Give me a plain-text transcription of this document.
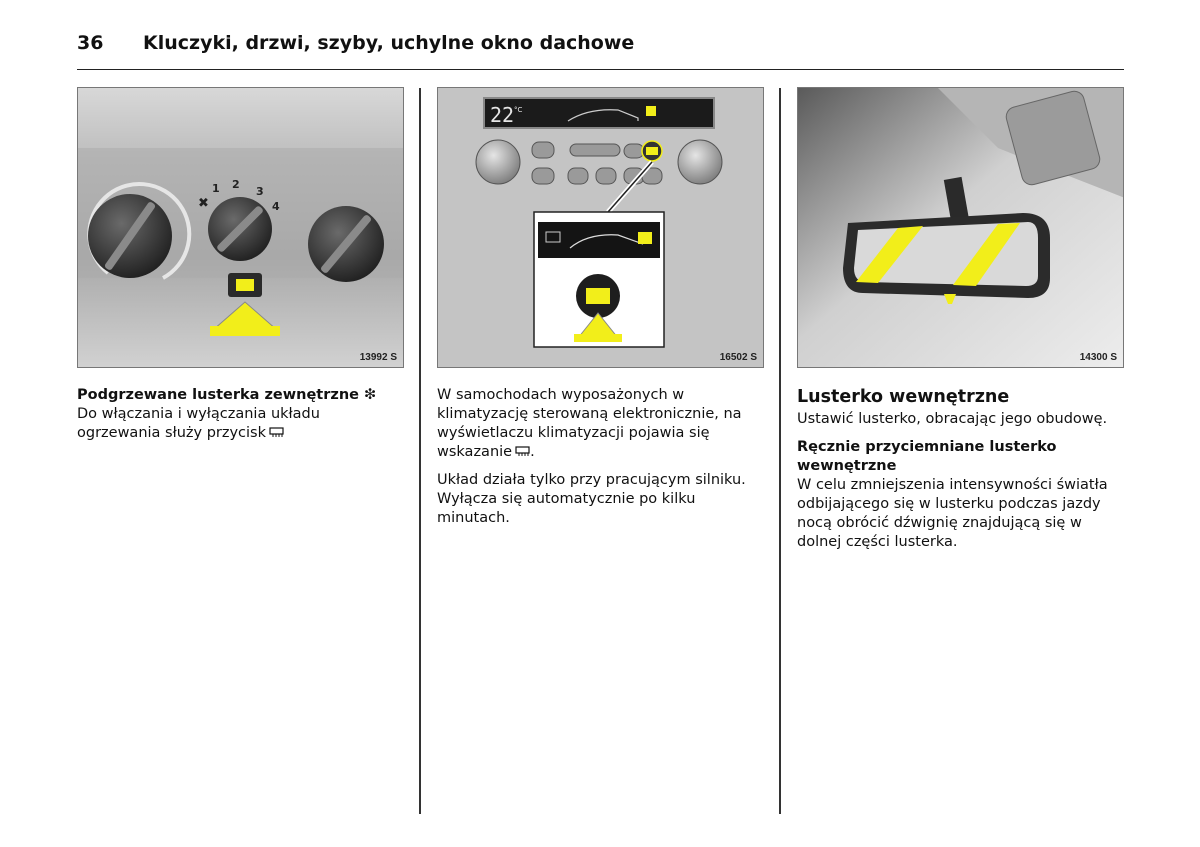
36 Kluczyki, drzwi, szyby, uchylne okno dachowe
✖
1 2
3
4
13992 S
22 °C
16502 S	14300 S
Podgrzewane lusterka zewnętrzne ❇
Do włączania i wyłączania układu ogrzewania służy przycisk
W samochodach wyposażonych w klimatyzację sterowaną elektronicznie, na wyświetlaczu klimatyzacji pojawia się wskazanie .
Układ działa tylko przy pracującym silniku. Wyłącza się automatycznie po kilku minutach.
Lusterko wewnętrzne
Ustawić lusterko, obracając jego obudowę.
Ręcznie przyciemniane lusterko wewnętrzne
W celu zmniejszenia intensywności światła odbijającego się w lusterku podczas jazdy nocą obrócić dźwignię znajdującą się w dolnej części lusterka.
